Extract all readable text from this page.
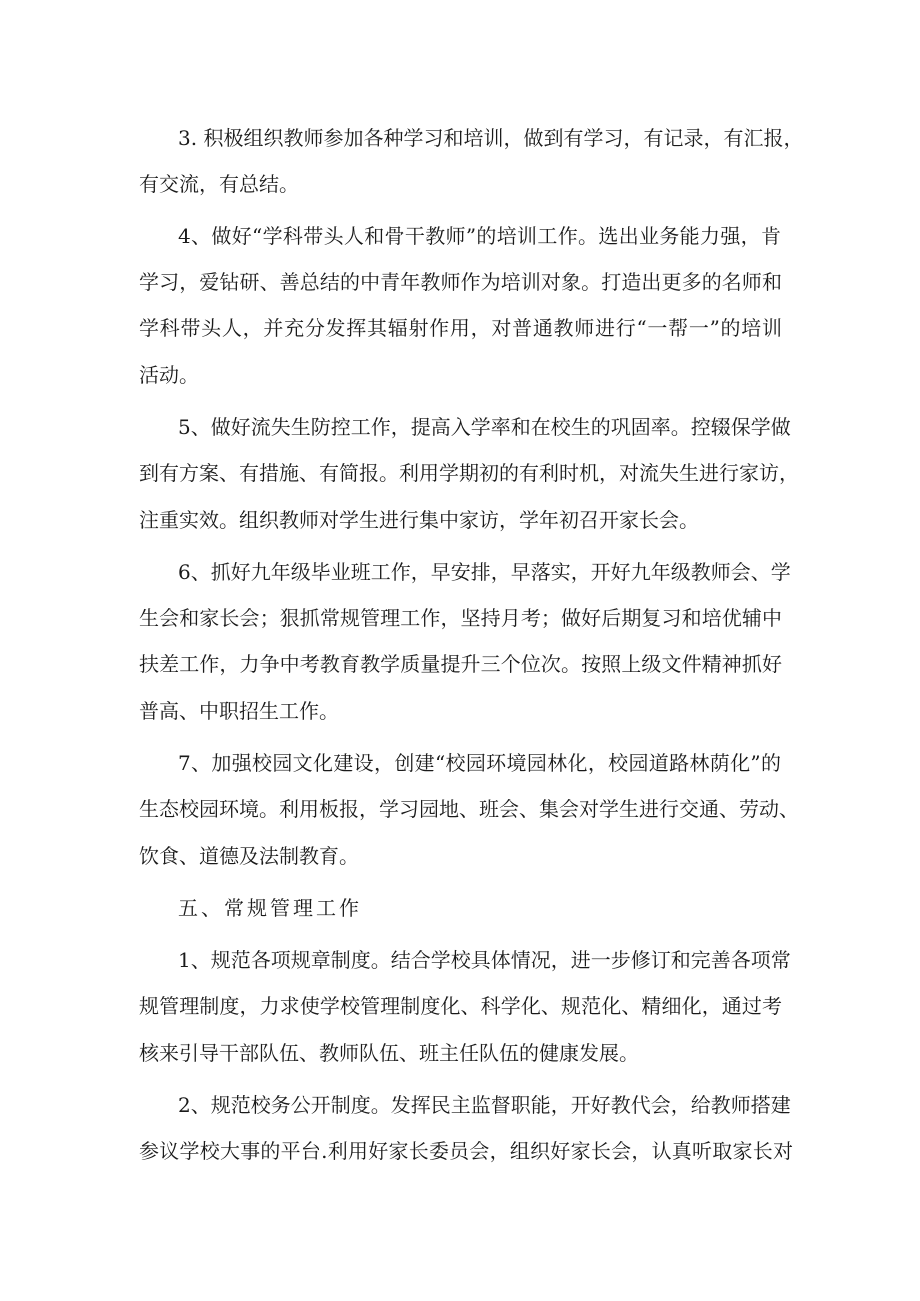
3. 积极组织教师参加各种学习和培训，做到有学习，有记录，有汇报，

有交流，有总结。

4、做好“学科带头人和骨干教师”的培训工作。选出业务能力强，肯

学习，爱钻研、善总结的中青年教师作为培训对象。打造出更多的名师和

学科带头人，并充分发挥其辐射作用，对普通教师进行“一帮一”的培训

活动。

5、做好流失生防控工作，提高入学率和在校生的巩固率。控辍保学做

到有方案、有措施、有简报。利用学期初的有利时机，对流失生进行家访，

注重实效。组织教师对学生进行集中家访，学年初召开家长会。

6、抓好九年级毕业班工作，早安排，早落实，开好九年级教师会、学

生会和家长会；狠抓常规管理工作，坚持月考；做好后期复习和培优辅中

扶差工作，力争中考教育教学质量提升三个位次。按照上级文件精神抓好

普高、中职招生工作。

7、加强校园文化建设，创建“校园环境园林化，校园道路林荫化”的

生态校园环境。利用板报，学习园地、班会、集会对学生进行交通、劳动、

饮食、道德及法制教育。

五、常规管理工作

1、规范各项规章制度。结合学校具体情况，进一步修订和完善各项常

规管理制度，力求使学校管理制度化、科学化、规范化、精细化，通过考

核来引导干部队伍、教师队伍、班主任队伍的健康发展。

2、规范校务公开制度。发挥民主监督职能，开好教代会，给教师搭建

参议学校大事的平台.利用好家长委员会，组织好家长会，认真听取家长对
